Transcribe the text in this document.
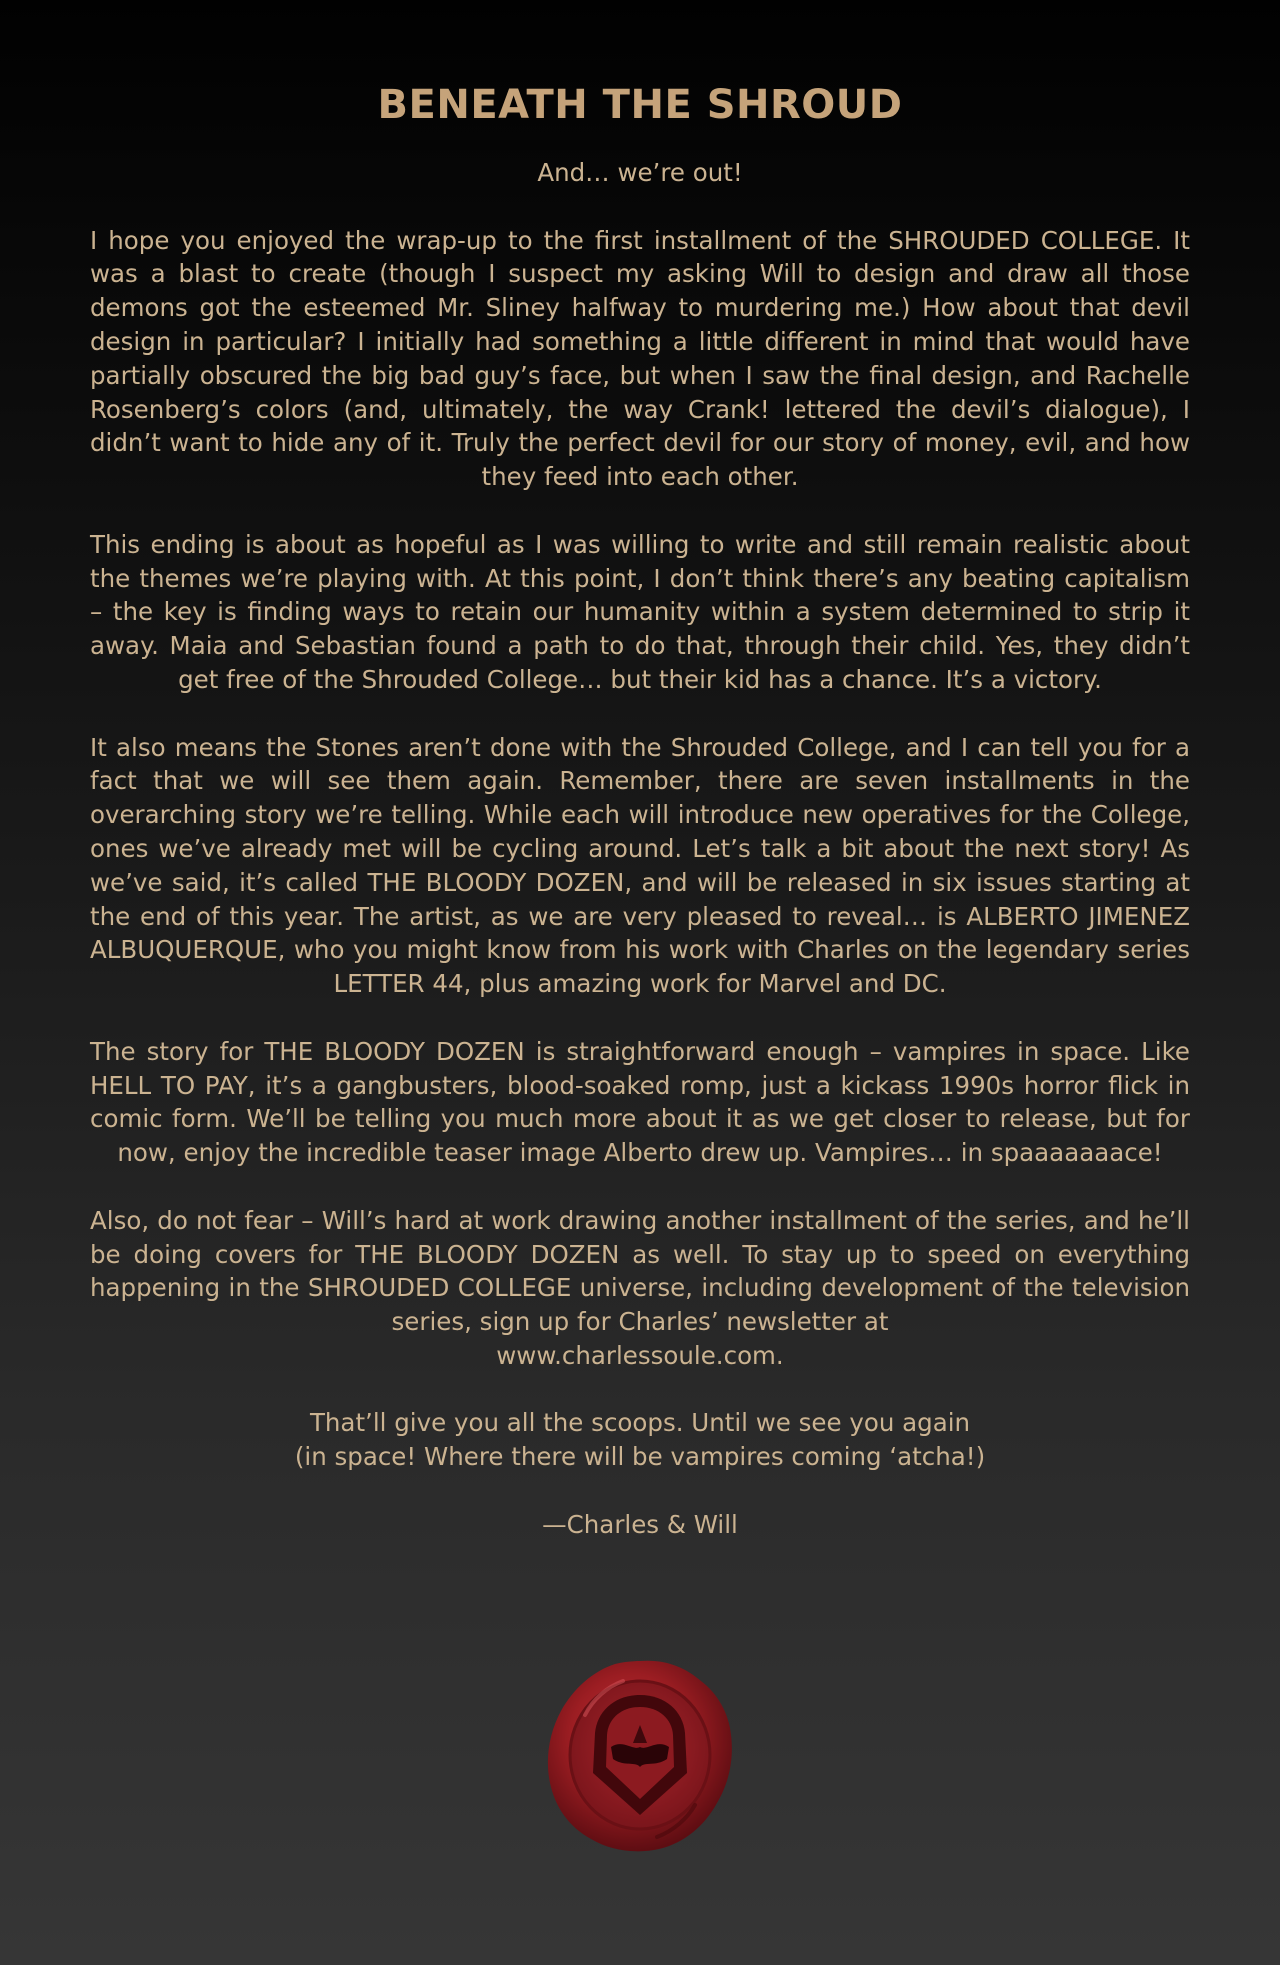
BENEATH THE SHROUD

And… we’re out!

I hope you enjoyed the wrap-up to the first installment of the SHROUDED COLLEGE. It was a blast to create (though I suspect my asking Will to design and draw all those demons got the esteemed Mr. Sliney halfway to murdering me.) How about that devil design in particular? I initially had something a little different in mind that would have partially obscured the big bad guy’s face, but when I saw the final design, and Rachelle Rosenberg’s colors (and, ultimately, the way Crank! lettered the devil’s dialogue), I didn’t want to hide any of it. Truly the perfect devil for our story of money, evil, and how they feed into each other.

This ending is about as hopeful as I was willing to write and still remain realistic about the themes we’re playing with. At this point, I don’t think there’s any beating capitalism – the key is finding ways to retain our humanity within a system determined to strip it away. Maia and Sebastian found a path to do that, through their child. Yes, they didn’t get free of the Shrouded College… but their kid has a chance. It’s a victory.

It also means the Stones aren’t done with the Shrouded College, and I can tell you for a fact that we will see them again. Remember, there are seven installments in the overarching story we’re telling. While each will introduce new operatives for the College, ones we’ve already met will be cycling around. Let’s talk a bit about the next story! As we’ve said, it’s called THE BLOODY DOZEN, and will be released in six issues starting at the end of this year. The artist, as we are very pleased to reveal… is ALBERTO JIMENEZ ALBUQUERQUE, who you might know from his work with Charles on the legendary series LETTER 44, plus amazing work for Marvel and DC.

The story for THE BLOODY DOZEN is straightforward enough – vampires in space. Like HELL TO PAY, it’s a gangbusters, blood-soaked romp, just a kickass 1990s horror flick in comic form. We’ll be telling you much more about it as we get closer to release, but for now, enjoy the incredible teaser image Alberto drew up. Vampires… in spaaaaaaace!

Also, do not fear – Will’s hard at work drawing another installment of the series, and he’ll be doing covers for THE BLOODY DOZEN as well. To stay up to speed on everything happening in the SHROUDED COLLEGE universe, including development of the television series, sign up for Charles’ newsletter at
www.charlessoule.com.

That’ll give you all the scoops. Until we see you again
(in space! Where there will be vampires coming ‘atcha!)

—Charles & Will
